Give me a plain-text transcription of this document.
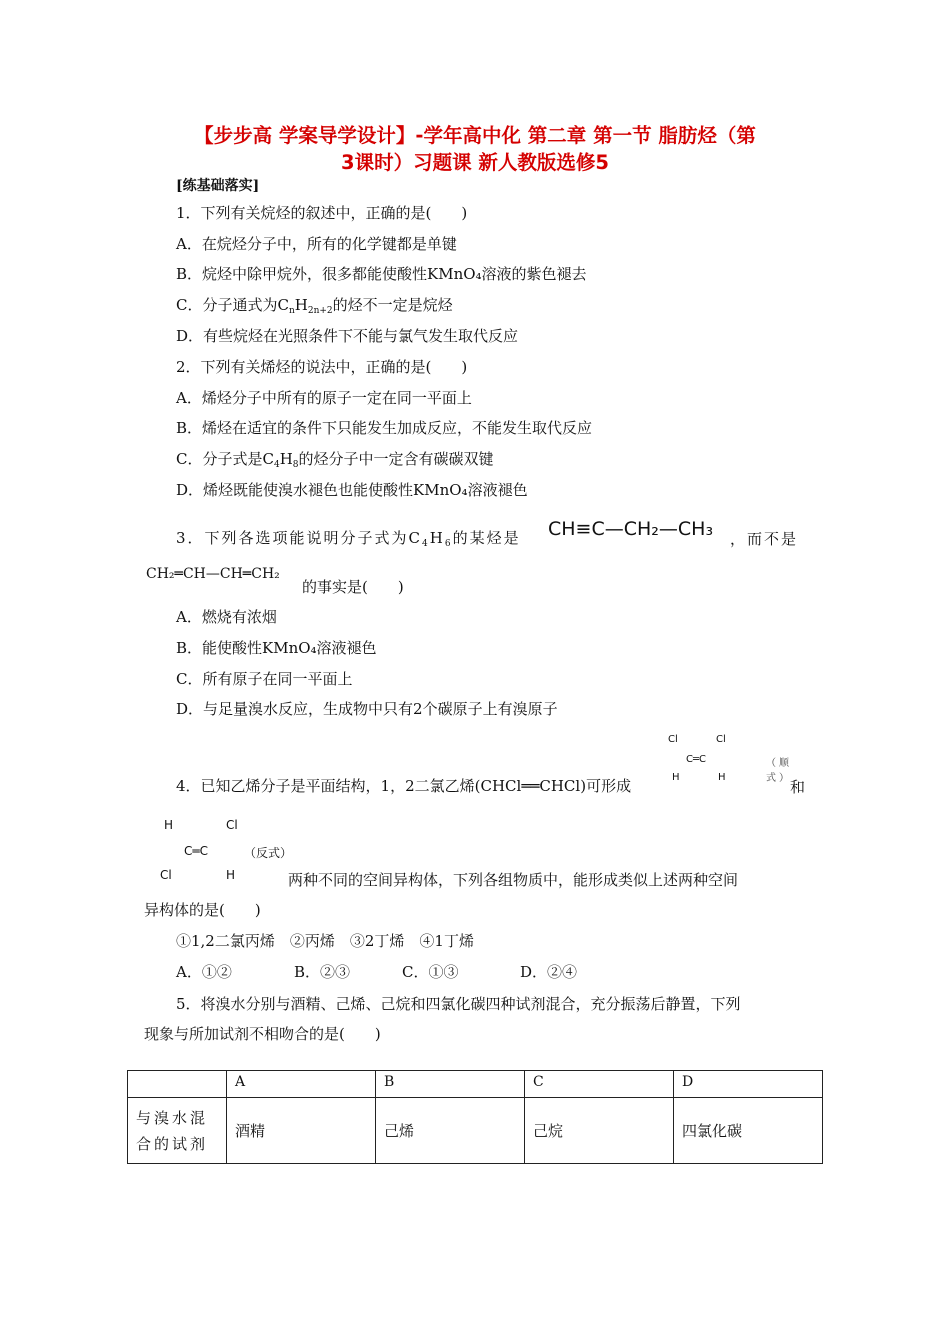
【步步高 学案导学设计】-学年高中化 第二章 第一节 脂肪烃（第
3课时）习题课 新人教版选修5
[练基础落实]
1．下列有关烷烃的叙述中，正确的是(　　)
A．在烷烃分子中，所有的化学键都是单键
B．烷烃中除甲烷外，很多都能使酸性KMnO₄溶液的紫色褪去
C．分子通式为$C_nH_{2n+2}$的烃不一定是烷烃
D．有些烷烃在光照条件下不能与氯气发生取代反应
2．下列有关烯烃的说法中，正确的是(　　)
A．烯烃分子中所有的原子一定在同一平面上
B．烯烃在适宜的条件下只能发生加成反应，不能发生取代反应
C．分子式是$C_4H_8$的烃分子中一定含有碳碳双键
D．烯烃既能使溴水褪色也能使酸性KMnO₄溶液褪色
3．下列各选项能说明分子式为$C_4H_6$的某烃是 CH≡C—CH₂—CH₃ ，而不是
CH₂═CH—CH═CH₂
的事实是(　　)
A．燃烧有浓烟
B．能使酸性KMnO₄溶液褪色
C．所有原子在同一平面上
D．与足量溴水反应，生成物中只有2个碳原子上有溴原子
4．已知乙烯分子是平面结构，1，2二氯乙烯(CHCl══CHCl)可形成
Cl	Cl
C═C
H	H
（顺式）
和
H	Cl
C═C
Cl	H
（反式）
两种不同的空间异构体，下列各组物质中，能形成类似上述两种空间
异构体的是(　　)
①1,2二氯丙烯　②丙烯　③2丁烯　④1丁烯
A．①②	B．②③	C．①③	D．②④
5．将溴水分别与酒精、己烯、己烷和四氯化碳四种试剂混合，充分振荡后静置，下列
现象与所加试剂不相吻合的是(　　)
	A	B	C	D
与溴水混合的试剂	酒精	己烯	己烷	四氯化碳
